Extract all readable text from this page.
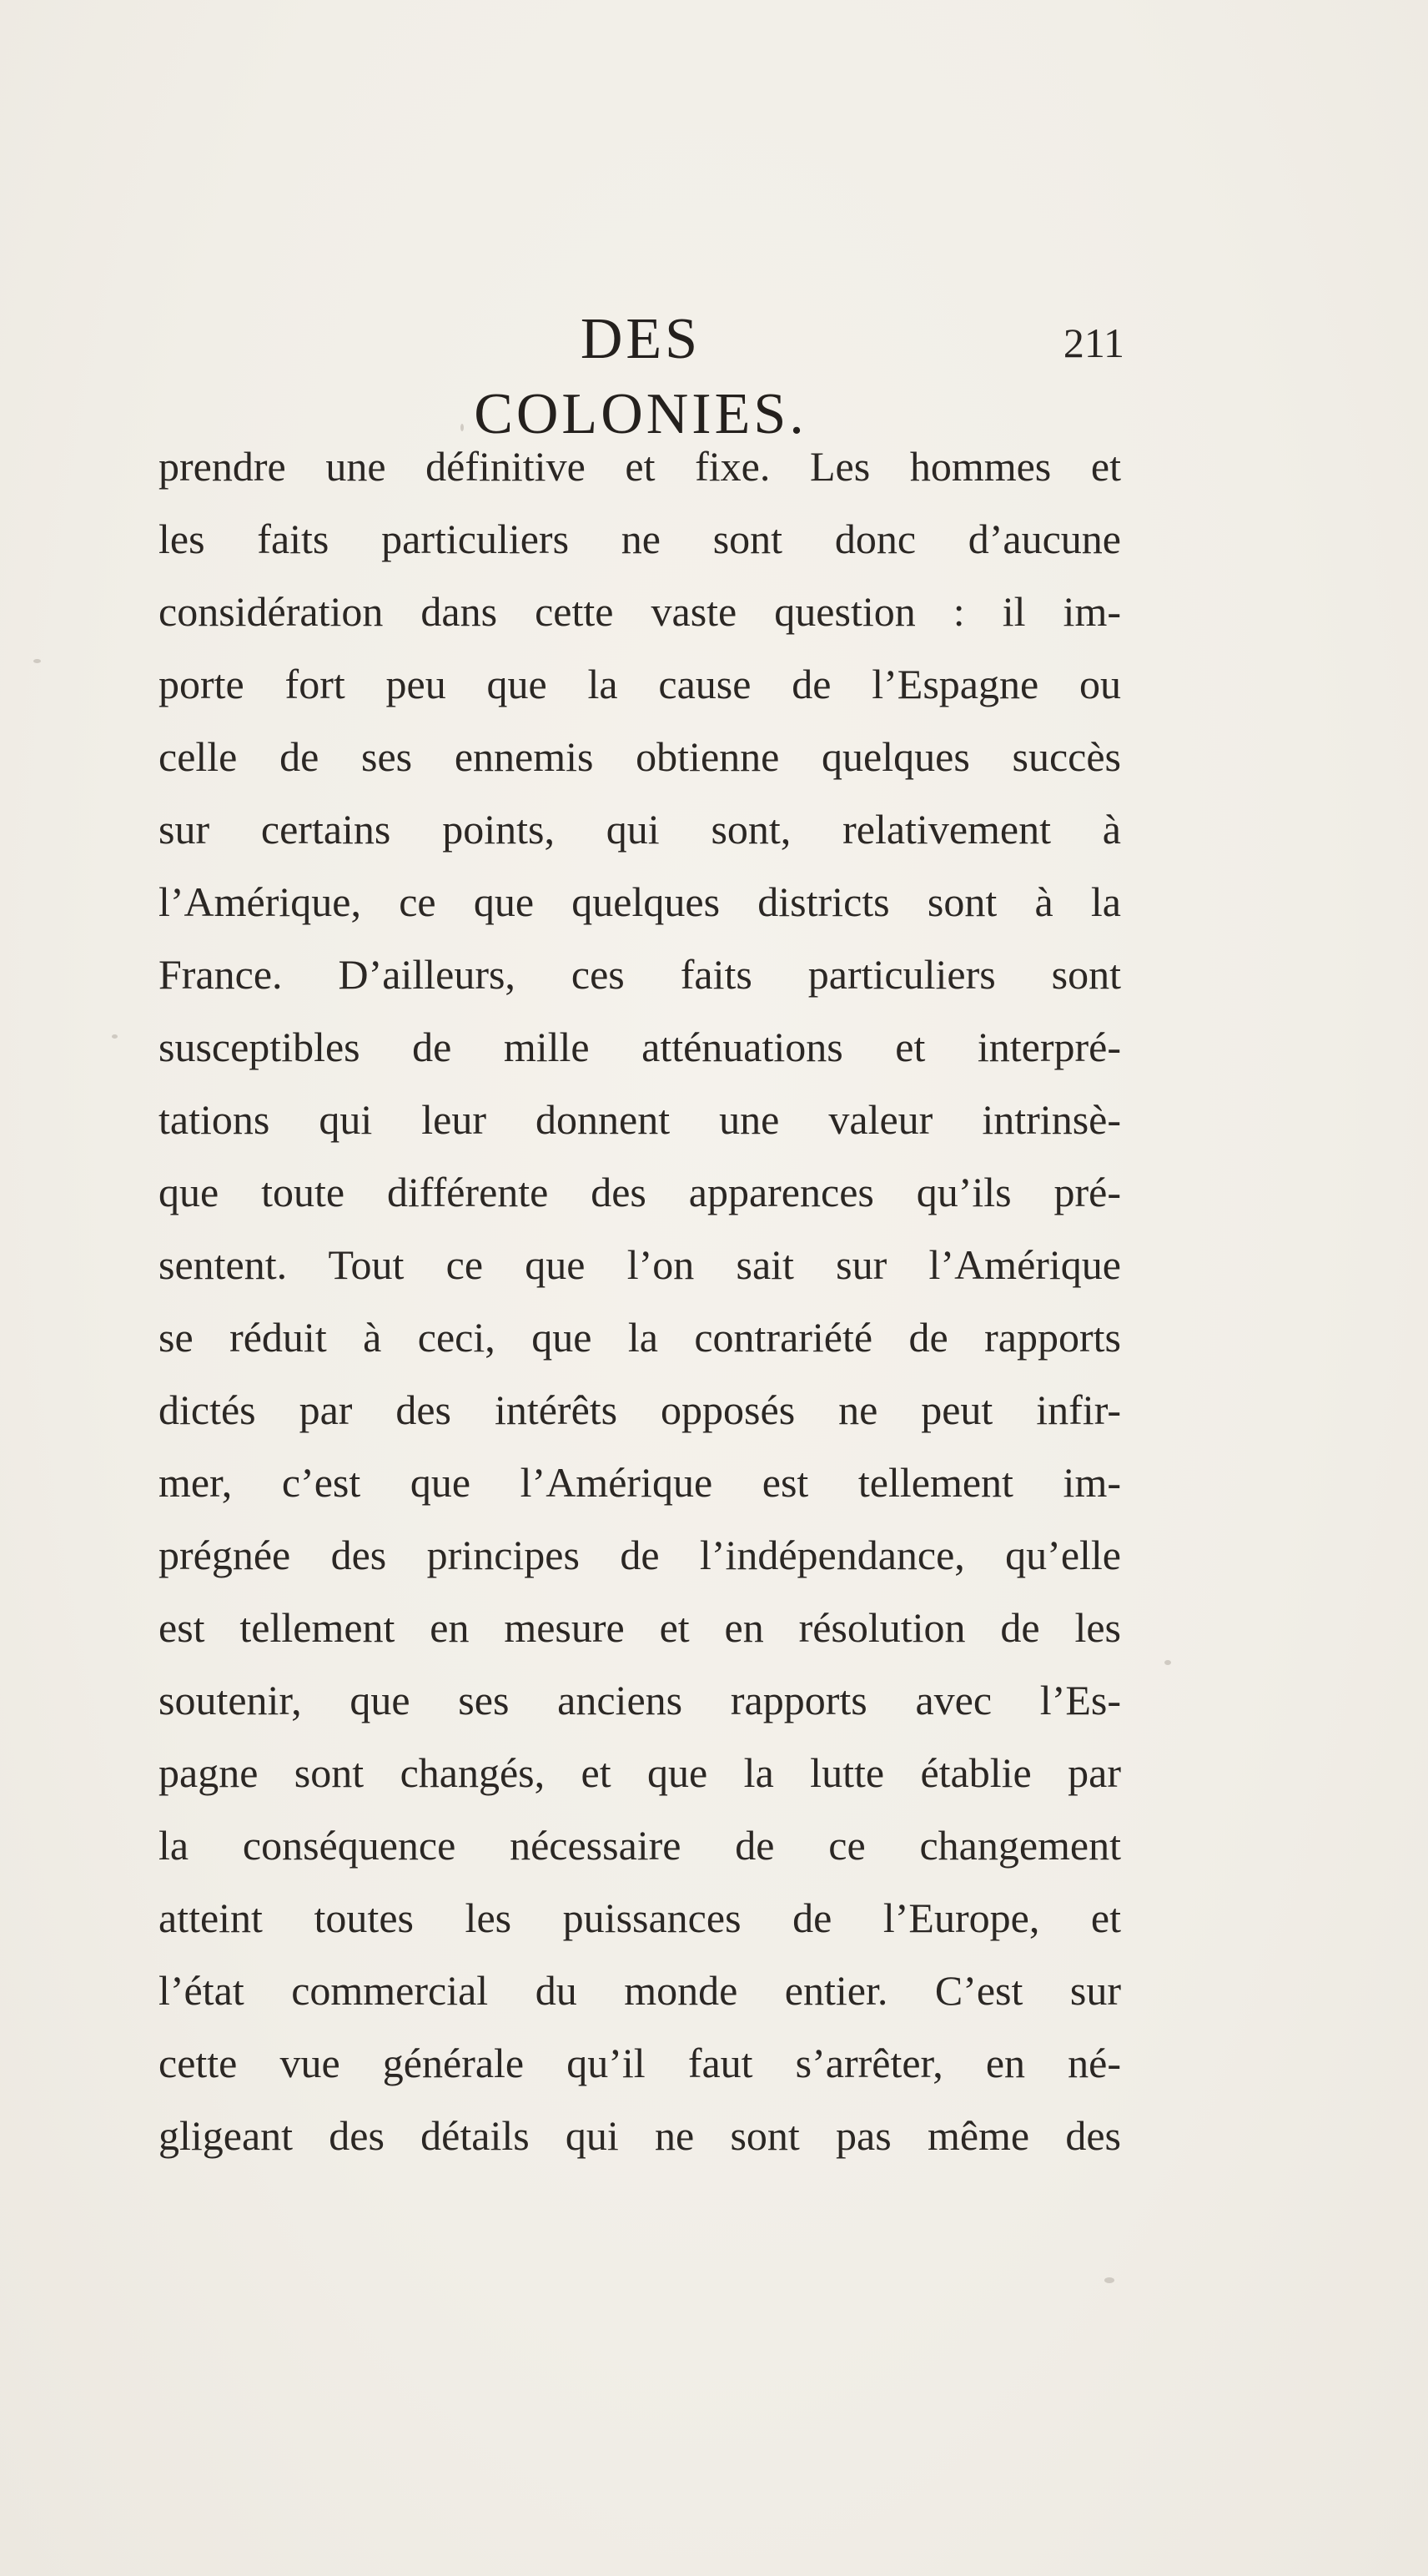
DES COLONIES.
211
prendre une définitive et fixe. Les hommes et
les faits particuliers ne sont donc d’aucune
considération dans cette vaste question : il im-
porte fort peu que la cause de l’Espagne ou
celle de ses ennemis obtienne quelques succès
sur certains points, qui sont, relativement à
l’Amérique, ce que quelques districts sont à la
France. D’ailleurs, ces faits particuliers sont
susceptibles de mille atténuations et interpré-
tations qui leur donnent une valeur intrinsè-
que toute différente des apparences qu’ils pré-
sentent. Tout ce que l’on sait sur l’Amérique
se réduit à ceci, que la contrariété de rapports
dictés par des intérêts opposés ne peut infir-
mer, c’est que l’Amérique est tellement im-
prégnée des principes de l’indépendance, qu’elle
est tellement en mesure et en résolution de les
soutenir, que ses anciens rapports avec l’Es-
pagne sont changés, et que la lutte établie par
la conséquence nécessaire de ce changement
atteint toutes les puissances de l’Europe, et
l’état commercial du monde entier. C’est sur
cette vue générale qu’il faut s’arrêter, en né-
gligeant des détails qui ne sont pas même des
